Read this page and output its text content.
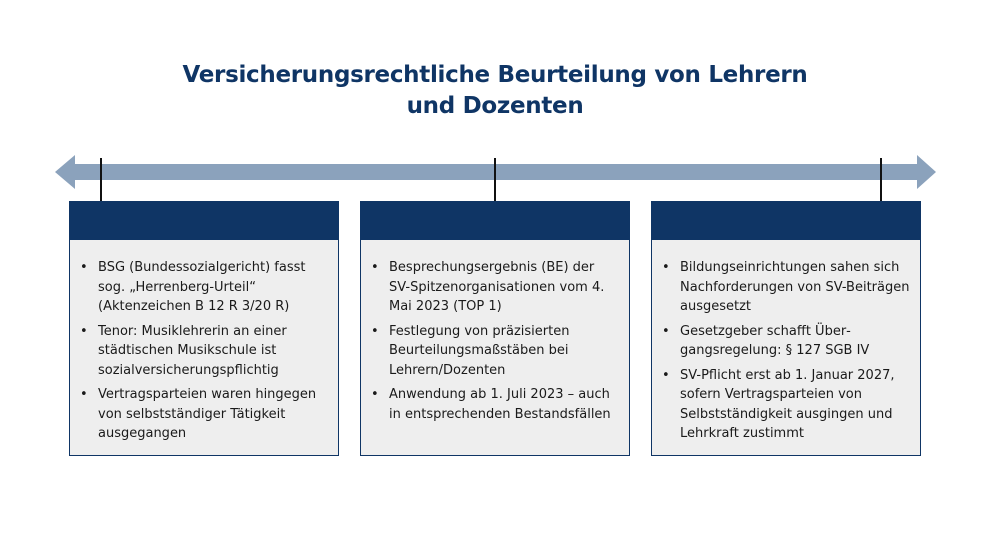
Versicherungsrechtliche Beurteilung von Lehrern
und Dozenten
• BSG (Bundessozialgericht) fasst sog. „Herrenberg-Urteil“ (Aktenzeichen B 12 R 3/20 R)
• Tenor: Musiklehrerin an einer städtischen Musikschule ist sozialversicherungspflichtig
• Vertragsparteien waren hingegen von selbstständiger Tätigkeit ausgegangen
• Besprechungsergebnis (BE) der SV-Spitzenorganisationen vom 4. Mai 2023 (TOP 1)
• Festlegung von präzisierten Beurteilungsmaßstäben bei Lehrern/Dozenten
• Anwendung ab 1. Juli 2023 – auch in entsprechenden Bestandsfällen
• Bildungseinrichtungen sahen sich Nachforderungen von SV-Beiträgen ausgesetzt
• Gesetzgeber schafft Übergangsregelung: § 127 SGB IV
• SV-Pflicht erst ab 1. Januar 2027, sofern Vertragsparteien von Selbstständigkeit ausgingen und Lehrkraft zustimmt
